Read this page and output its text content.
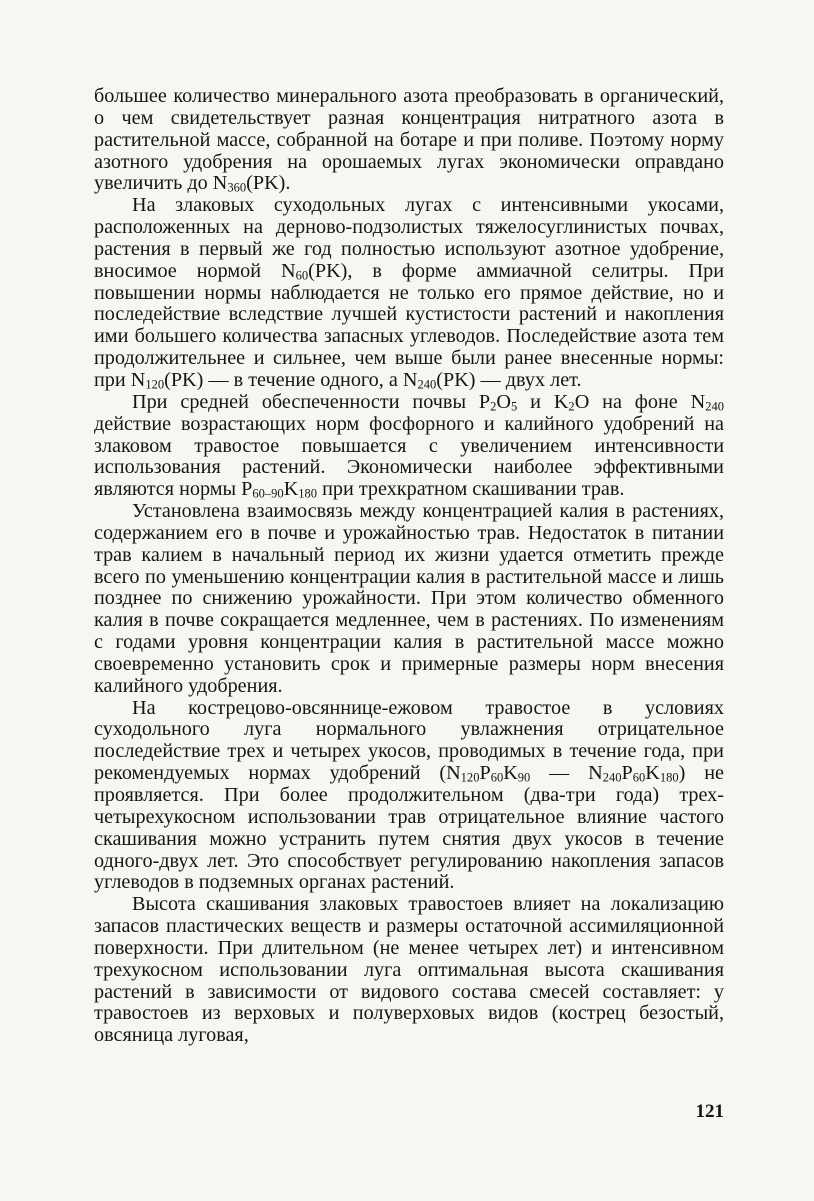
большее количество минерального азота преобразовать в органический, о чем свидетельствует разная концентрация нитратного азота в растительной массе, собранной на ботаре и при поливе. Поэтому норму азотного удобрения на орошаемых лугах экономически оправдано увеличить до $N_{360}(PK)$.

На злаковых суходольных лугах с интенсивными укосами, расположенных на дерново-подзолистых тяжелосуглинистых почвах, растения в первый же год полностью используют азотное удобрение, вносимое нормой $N_{60}(PK)$, в форме аммиачной селитры. При повышении нормы наблюдается не только его прямое действие, но и последействие вследствие лучшей кустистости растений и накопления ими большего количества запасных углеводов. Последействие азота тем продолжительнее и сильнее, чем выше были ранее внесенные нормы: при $N_{120}(PK)$ — в течение одного, а $N_{240}(PK)$ — двух лет.

При средней обеспеченности почвы $P_2O_5$ и $K_2O$ на фоне $N_{240}$ действие возрастающих норм фосфорного и калийного удобрений на злаковом травостое повышается с увеличением интенсивности использования растений. Экономически наиболее эффективными являются нормы $P_{60-90}K_{180}$ при трехкратном скашивании трав.

Установлена взаимосвязь между концентрацией калия в растениях, содержанием его в почве и урожайностью трав. Недостаток в питании трав калием в начальный период их жизни удается отметить прежде всего по уменьшению концентрации калия в растительной массе и лишь позднее по снижению урожайности. При этом количество обменного калия в почве сокращается медленнее, чем в растениях. По изменениям с годами уровня концентрации калия в растительной массе можно своевременно установить срок и примерные размеры норм внесения калийного удобрения.

На кострецово-овсяннице-ежовом травостое в условиях суходольного луга нормального увлажнения отрицательное последействие трех и четырех укосов, проводимых в течение года, при рекомендуемых нормах удобрений ($N_{120}P_{60}K_{90}$ — $N_{240}P_{60}K_{180}$) не проявляется. При более продолжительном (два-три года) трех-четырехукосном использовании трав отрицательное влияние частого скашивания можно устранить путем снятия двух укосов в течение одного-двух лет. Это способствует регулированию накопления запасов углеводов в подземных органах растений.

Высота скашивания злаковых травостоев влияет на локализацию запасов пластических веществ и размеры остаточной ассимиляционной поверхности. При длительном (не менее четырех лет) и интенсивном трехукосном использовании луга оптимальная высота скашивания растений в зависимости от видового состава смесей составляет: у травостоев из верховых и полуверховых видов (кострец безостый, овсяница луговая,

121
